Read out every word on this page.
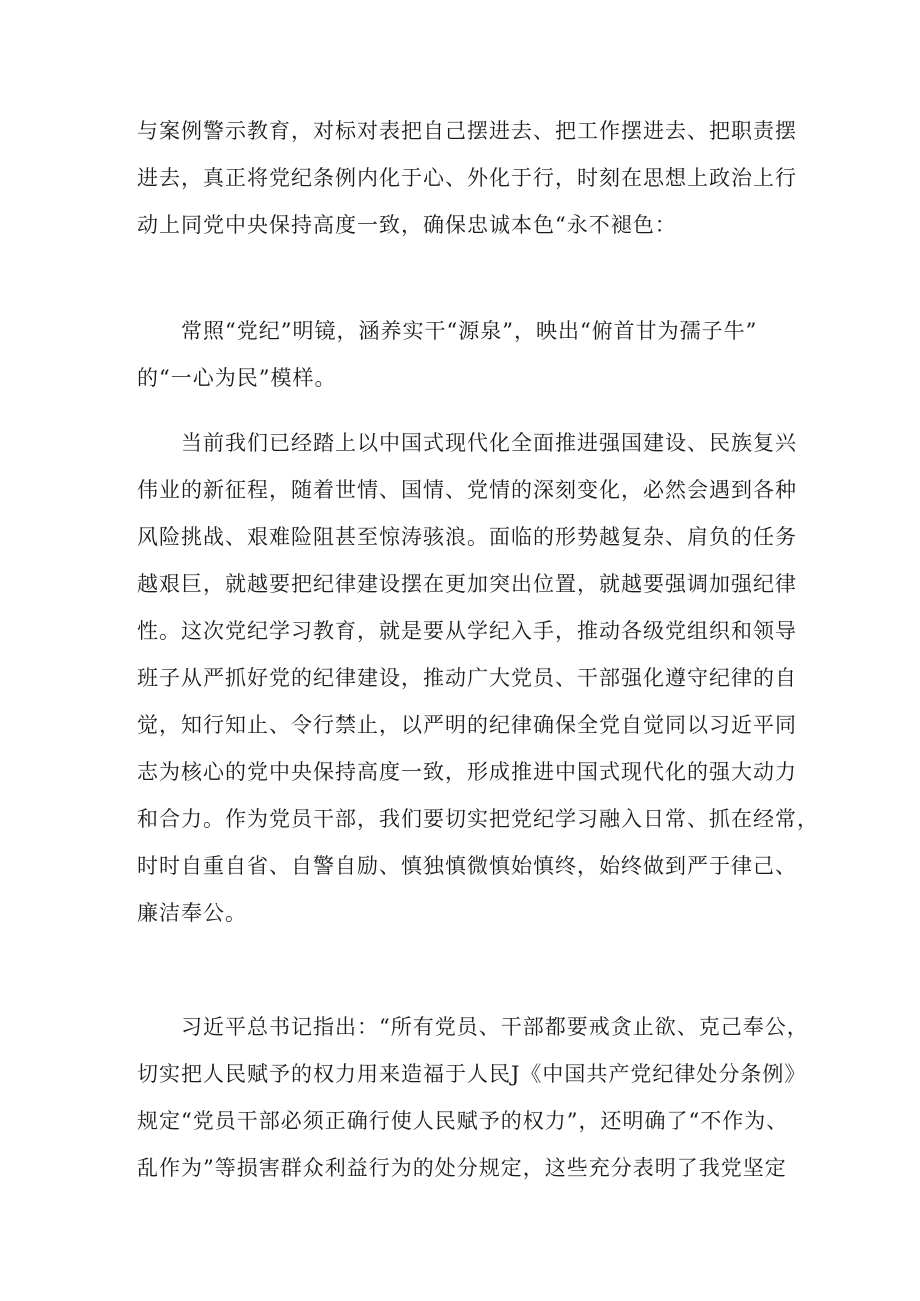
与案例警示教育，对标对表把自己摆进去、把工作摆进去、把职责摆
进去，真正将党纪条例内化于心、外化于行，时刻在思想上政治上行
动上同党中央保持高度一致，确保忠诚本色“永不褪色：
　　常照“党纪”明镜，涵养实干“源泉”，映出“俯首甘为孺子牛”
的“一心为民”模样。
　　当前我们已经踏上以中国式现代化全面推进强国建设、民族复兴
伟业的新征程，随着世情、国情、党情的深刻变化，必然会遇到各种
风险挑战、艰难险阻甚至惊涛骇浪。面临的形势越复杂、肩负的任务
越艰巨，就越要把纪律建设摆在更加突出位置，就越要强调加强纪律
性。这次党纪学习教育，就是要从学纪入手，推动各级党组织和领导
班子从严抓好党的纪律建设，推动广大党员、干部强化遵守纪律的自
觉，知行知止、令行禁止，以严明的纪律确保全党自觉同以习近平同
志为核心的党中央保持高度一致，形成推进中国式现代化的强大动力
和合力。作为党员干部，我们要切实把党纪学习融入日常、抓在经常，
时时自重自省、自警自励、慎独慎微慎始慎终，始终做到严于律己、
廉洁奉公。
　　习近平总书记指出：“所有党员、干部都要戒贪止欲、克己奉公，
切实把人民赋予的权力用来造福于人民J《中国共产党纪律处分条例》
规定“党员干部必须正确行使人民赋予的权力”，还明确了“不作为、
乱作为”等损害群众利益行为的处分规定，这些充分表明了我党坚定
